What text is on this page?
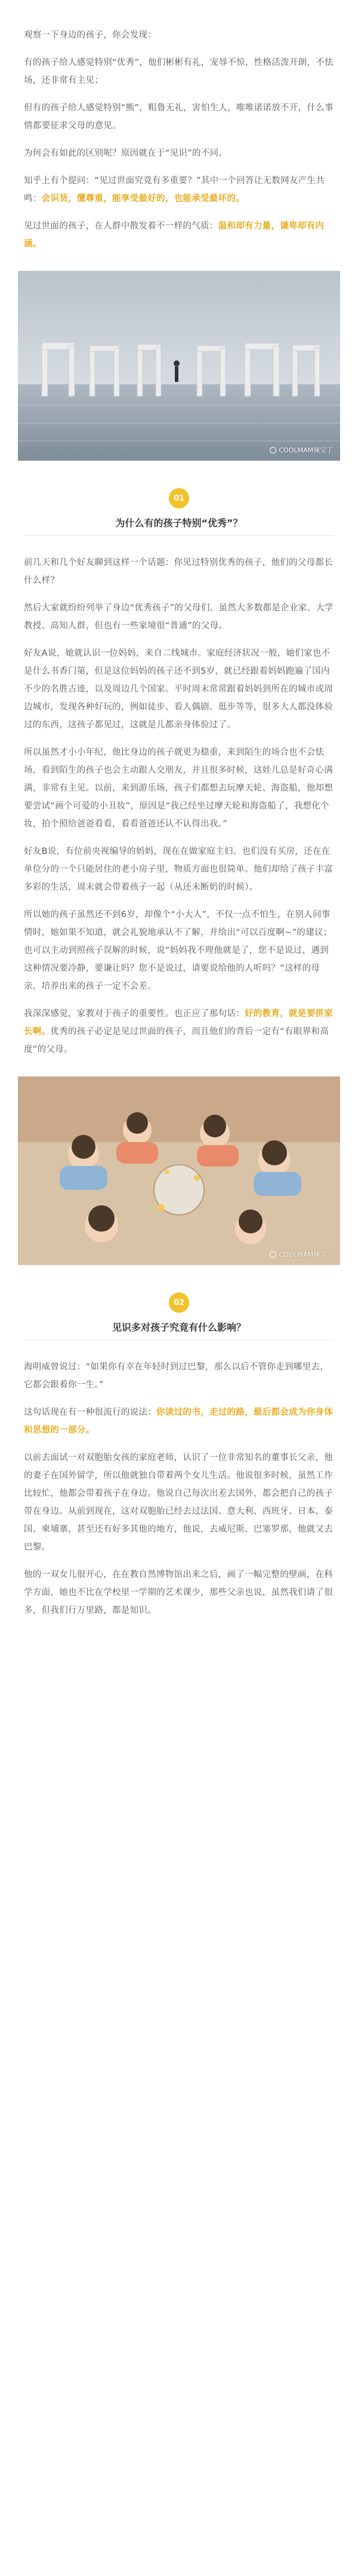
观察一下身边的孩子，你会发现：

有的孩子给人感觉特别“优秀”，他们彬彬有礼，宠辱不惊，性格活泼开朗，不怯场，还非常有主见；

但有的孩子给人感觉特别“熊”，粗鲁无礼，害怕生人，唯唯诺诺放不开，什么事情都要征求父母的意见。

为何会有如此的区别呢？原因就在于“见识”的不同。

知乎上有个提问：“见过世面究竟有多重要？”其中一个回答让无数网友产生共鸣：会识货，懂尊重，能享受最好的，也能承受最坏的。

见过世面的孩子，在人群中散发着不一样的气质：温和却有力量，谦卑却有内涵。

COOLMAM辣宝了
01
为什么有的孩子特别“优秀”？

前几天和几个好友聊到这样一个话题：你见过特别优秀的孩子，他们的父母都长什么样？

然后大家就纷纷列举了身边“优秀孩子”的父母们。虽然大多数都是企业家、大学教授、高知人群，但也有一些家境很“普通”的父母。

好友A说，她就认识一位妈妈，来自二线城市。家庭经济状况一般，她们家也不是什么书香门第，但是这位妈妈的孩子还不到5岁，就已经跟着妈妈跑遍了国内不少的名胜古迹，以及周边几个国家。平时周末常常跟着妈妈到所在的城市或周边城市，发现各种好玩的，例如徒步、看人偶剧、逛步等等，很多大人都没体验过的东西，这孩子都见过，这就是儿都亲身体验过了。

所以虽然才小小年纪，他比身边的孩子就更为稳重，来到陌生的场合也不会怯场，看到陌生的孩子也会主动跟人交朋友，并且很多时候，这娃儿总是好奇心满满，非常有主见。以前，来到游乐场，孩子们都想去玩摩天轮、海盗船，他却想要尝试“画个可爱的小丑妆”，原因是“我已经坐过摩天轮和海盗船了，我想化个妆，拍个照给爸爸看看，看看爸爸还认不认得出我。”

好友B说，有位前央视编导的妈妈，现在在做家庭主妇。也们没有买房，还在在单位分的一个只能居住的老小房子里，物质方面也很简单。他们却给了孩子丰富多彩的生活，周末就会带着孩子一起（从还未断奶的时候）。

所以她的孩子虽然还不到6岁，却像个“小大人”，不仅一点不怕生，在别人问事情时，她如果不知道，就会礼貌地承认不了解，并给出“可以百度啊~”的建议；也可以主动到照孩子误解的时候，说“妈妈我不理他就是了，您不是说过，遇到这种情况要冷静，要谦让吗？您不是说过，请要说给他的人听吗？”这样的母亲，培养出来的孩子一定不会差。

我深深感觉，家教对于孩子的重要性。也正应了那句话：好的教育，就是要拼家长啊。优秀的孩子必定是见过世面的孩子，而且他们的背后一定有“有眼界和高度”的父母。

COOLMAM辣宝了
02
见识多对孩子究竟有什么影响？

海明威曾说过：“如果你有幸在年轻时到过巴黎，那么以后不管你走到哪里去，它都会跟着你一生。”

这句话现在有一种很流行的说法：你读过的书，走过的路，最后都会成为你身体和思想的一部分。

以前去面试一对双胞胎女孩的家庭老师，认识了一位非常知名的董事长父亲，他的妻子在国外留学，所以他就独自带着两个女儿生活。他说很多时候，虽然工作比较忙，他都会带着孩子在身边。他说自己每次出差去国外，都会把自己的孩子带在身边。从前到现在，这对双胞胎已经去过法国、意大利、西班牙、日本、泰国、柬埔寨，甚至还有好多其他的地方，他说，去威尼斯、巴塞罗那，他就又去巴黎。

他的一双女儿很开心，在在教自然博物馆出来之后，画了一幅完整的壁画，在科学方面，她也不比在学校里一学期的艺术课少，那些父亲也说，虽然我们请了很多，但我们行万里路，都是知识。
